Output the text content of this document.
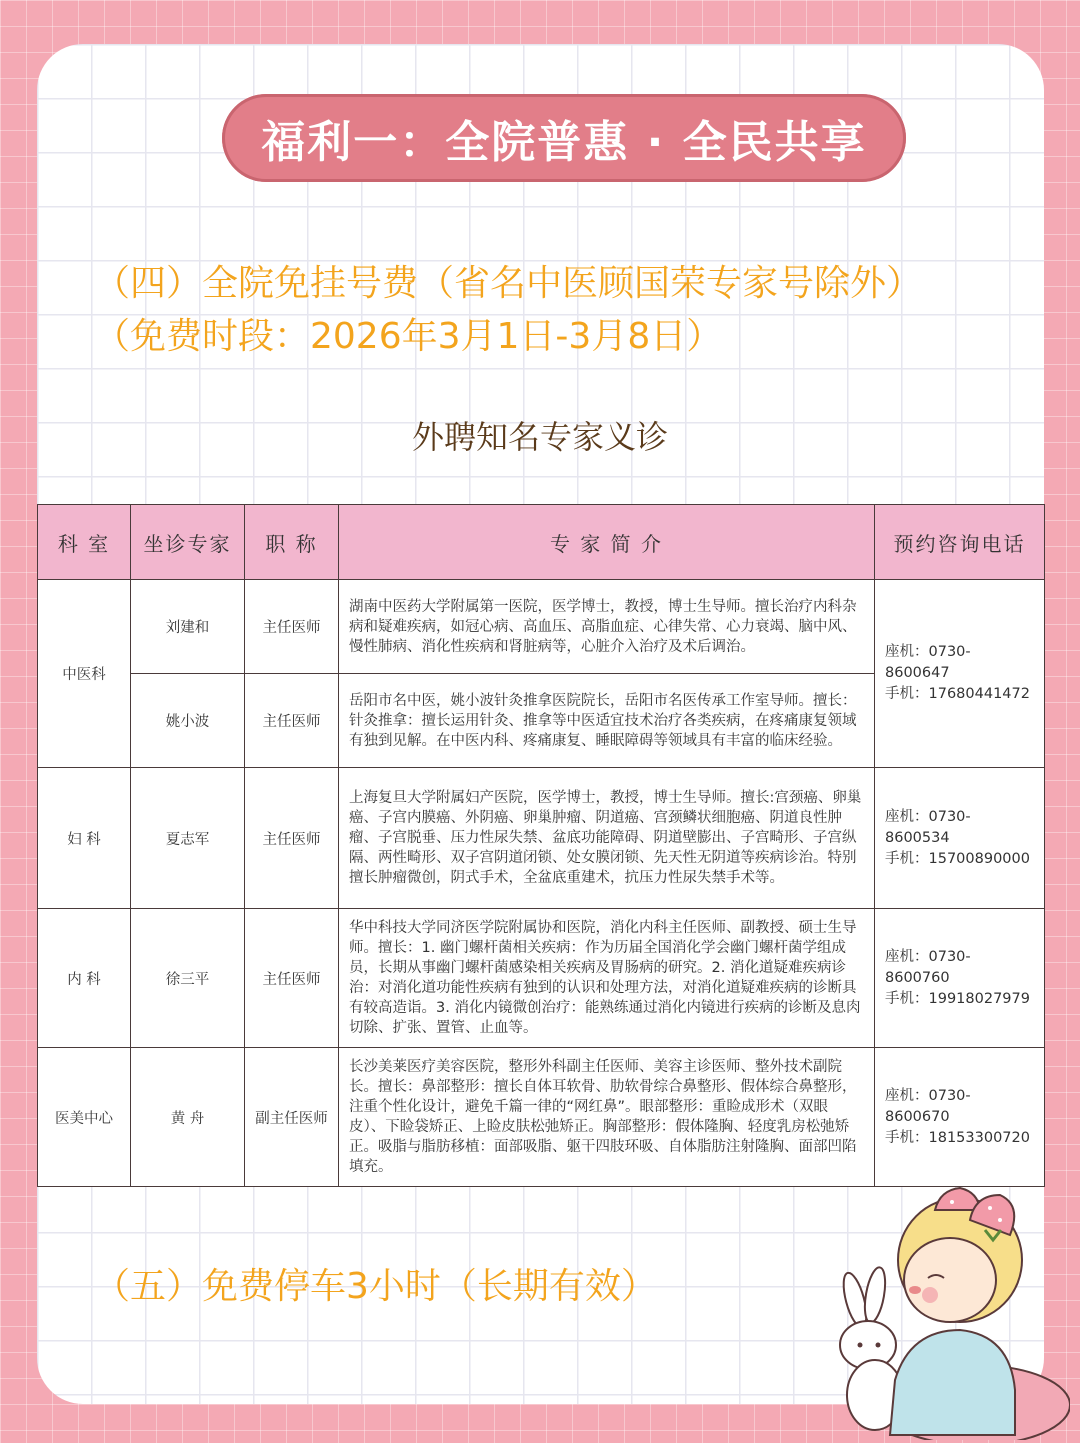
福利一：全院普惠 · 全民共享
（四）全院免挂号费（省名中医顾国荣专家号除外）
（免费时段：2026年3月1日-3月8日）
外聘知名专家义诊
科 室	坐诊专家	职 称	专 家 简 介	预约咨询电话
中医科	刘建和	主任医师	湖南中医药大学附属第一医院，医学博士，教授，博士生导师。擅长治疗内科杂病和疑难疾病，如冠心病、高血压、高脂血症、心律失常、心力衰竭、脑中风、慢性肺病、消化性疾病和肾脏病等，心脏介入治疗及术后调治。	座机：0730-8600647
手机：17680441472

	姚小波	主任医师	岳阳市名中医，姚小波针灸推拿医院院长，岳阳市名医传承工作室导师。擅长：针灸推拿：擅长运用针灸、推拿等中医适宜技术治疗各类疾病，在疼痛康复领域有独到见解。在中医内科、疼痛康复、睡眠障碍等领域具有丰富的临床经验。	
妇 科	夏志军	主任医师	上海复旦大学附属妇产医院，医学博士，教授，博士生导师。擅长:宫颈癌、卵巢癌、子宫内膜癌、外阴癌、卵巢肿瘤、阴道癌、宫颈鳞状细胞癌、阴道良性肿瘤、子宫脱垂、压力性尿失禁、盆底功能障碍、阴道壁膨出、子宫畸形、子宫纵隔、两性畸形、双子宫阴道闭锁、处女膜闭锁、先天性无阴道等疾病诊治。特别擅长肿瘤微创，阴式手术，全盆底重建术，抗压力性尿失禁手术等。	座机：0730-8600534
手机：15700890000

内 科	徐三平	主任医师	华中科技大学同济医学院附属协和医院，消化内科主任医师、副教授、硕士生导师。擅长：1. 幽门螺杆菌相关疾病：作为历届全国消化学会幽门螺杆菌学组成员，长期从事幽门螺杆菌感染相关疾病及胃肠病的研究。2. 消化道疑难疾病诊治：对消化道功能性疾病有独到的认识和处理方法，对消化道疑难疾病的诊断具有较高造诣。3. 消化内镜微创治疗：能熟练通过消化内镜进行疾病的诊断及息肉切除、扩张、置管、止血等。	座机：0730-8600760
手机：19918027979

医美中心	黄 舟	副主任医师	长沙美莱医疗美容医院，整形外科副主任医师、美容主诊医师、整外技术副院长。擅长：鼻部整形：擅长自体耳软骨、肋软骨综合鼻整形、假体综合鼻整形，注重个性化设计，避免千篇一律的“网红鼻”。眼部整形：重睑成形术（双眼皮）、下睑袋矫正、上睑皮肤松弛矫正。胸部整形：假体隆胸、轻度乳房松弛矫正。吸脂与脂肪移植：面部吸脂、躯干四肢环吸、自体脂肪注射隆胸、面部凹陷填充。	座机：0730-8600670
手机：18153300720
（五）免费停车3小时（长期有效）
